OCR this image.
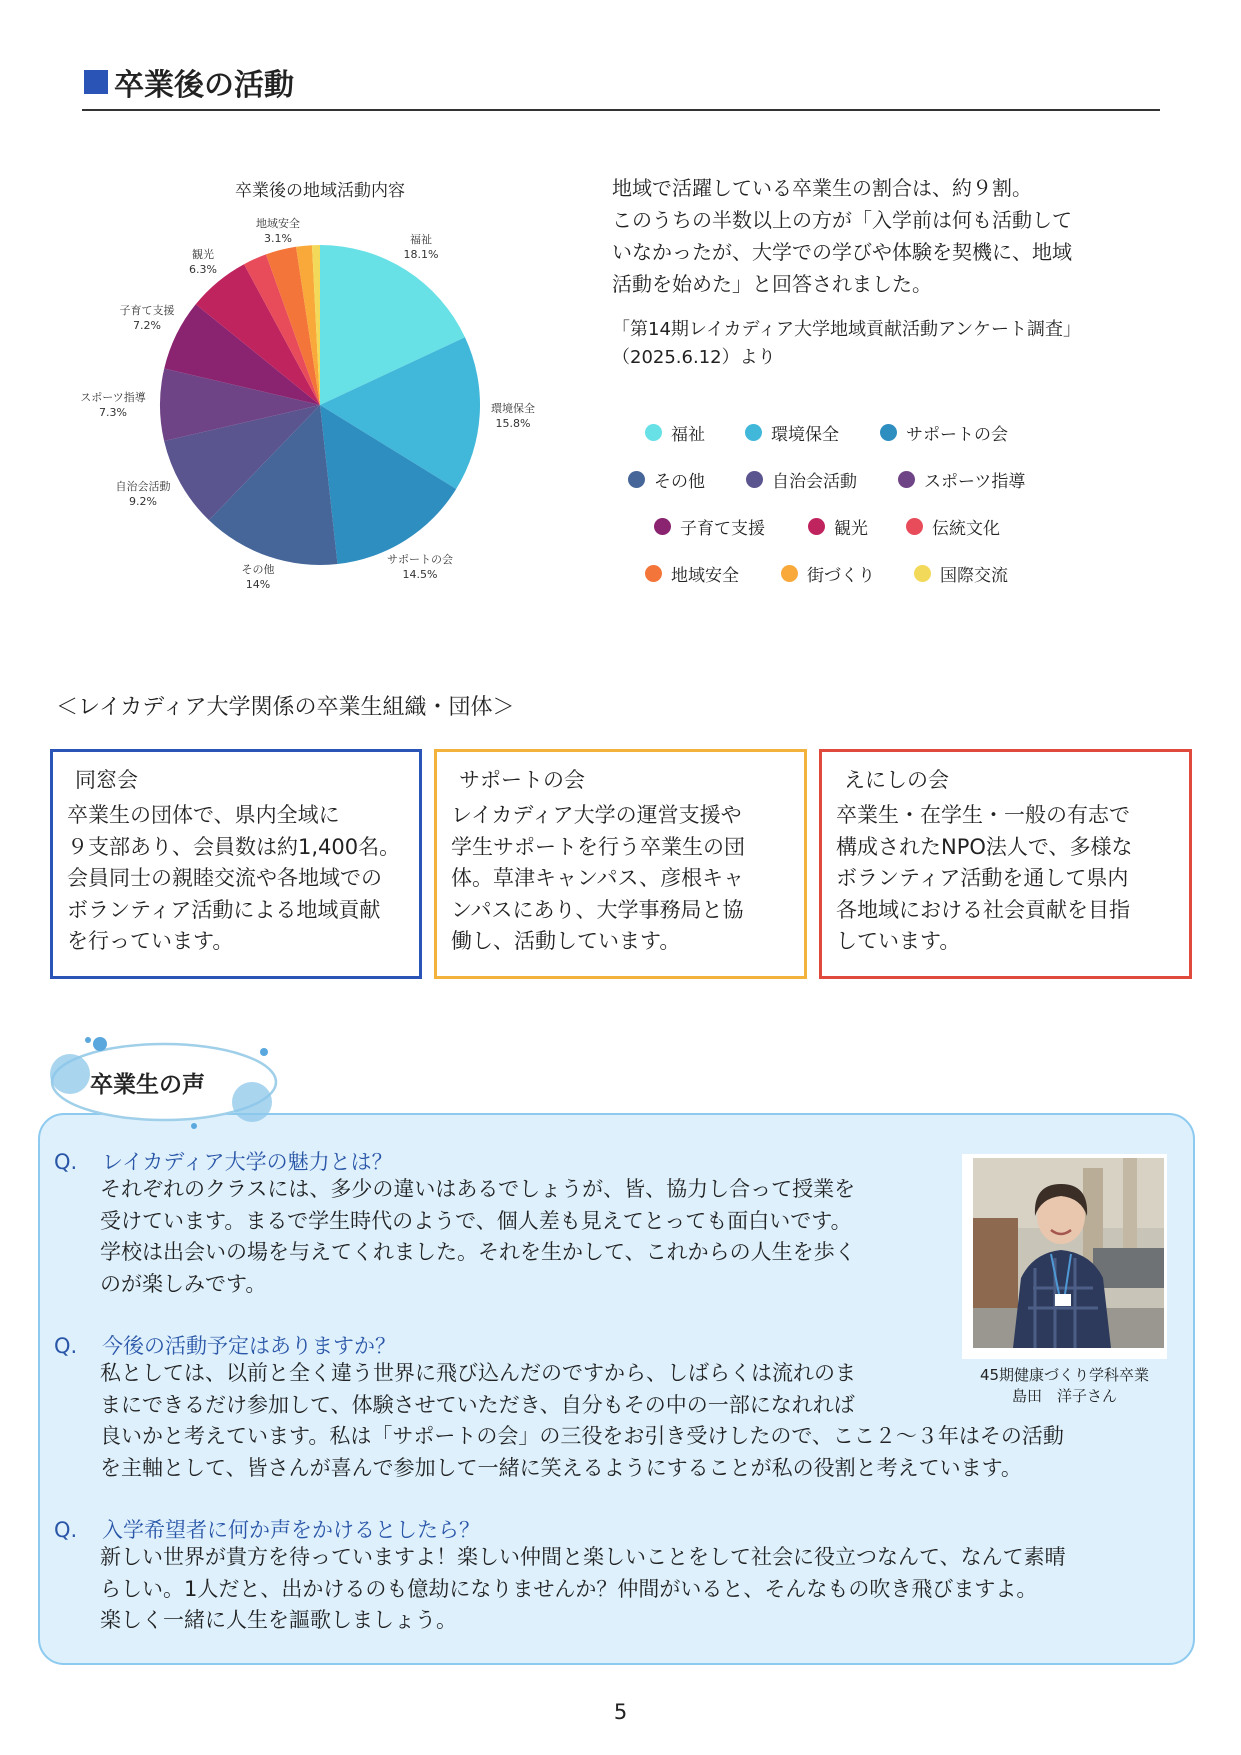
卒業後の活動
卒業後の地域活動内容
福祉
18.1%
環境保全
15.8%
サポートの会
14.5%
その他
14%
自治会活動
9.2%
スポーツ指導
7.3%
子育て支援
7.2%
観光
6.3%
地域安全
3.1%

地域で活躍している卒業生の割合は、約９割。

このうちの半数以上の方が「入学前は何も活動して

いなかったが、大学での学びや体験を契機に、地域

活動を始めた」と回答されました。

「第14期レイカディア大学地域貢献活動アンケート調査」

（2025.6.12）より

福祉	環境保全	サポートの会
その他	自治会活動	スポーツ指導
子育て支援	観光	伝統文化
地域安全	街づくり	国際交流
＜レイカディア大学関係の卒業生組織・団体＞
同窓会
卒業生の団体で、県内全域に
９支部あり、会員数は約1,400名。
会員同士の親睦交流や各地域での
ボランティア活動による地域貢献
を行っています。
サポートの会
レイカディア大学の運営支援や
学生サポートを行う卒業生の団
体。草津キャンパス、彦根キャ
ンパスにあり、大学事務局と協
働し、活動しています。
えにしの会
卒業生・在学生・一般の有志で
構成されたNPO法人で、多様な
ボランティア活動を通して県内
各地域における社会貢献を目指
しています。
卒業生の声
Q. レイカディア大学の魅力とは？
それぞれのクラスには、多少の違いはあるでしょうが、皆、協力し合って授業を
受けています。まるで学生時代のようで、個人差も見えてとっても面白いです。
学校は出会いの場を与えてくれました。それを生かして、これからの人生を歩く
のが楽しみです。
Q. 今後の活動予定はありますか？
私としては、以前と全く違う世界に飛び込んだのですから、しばらくは流れのま
まにできるだけ参加して、体験させていただき、自分もその中の一部になれれば
良いかと考えています。私は「サポートの会」の三役をお引き受けしたので、ここ２～３年はその活動
を主軸として、皆さんが喜んで参加して一緒に笑えるようにすることが私の役割と考えています。
Q. 入学希望者に何か声をかけるとしたら？
新しい世界が貴方を待っていますよ！楽しい仲間と楽しいことをして社会に役立つなんて、なんて素晴
らしい。1人だと、出かけるのも億劫になりませんか？仲間がいると、そんなもの吹き飛びますよ。
楽しく一緒に人生を謳歌しましょう。
45期健康づくり学科卒業
島田　洋子さん
5
